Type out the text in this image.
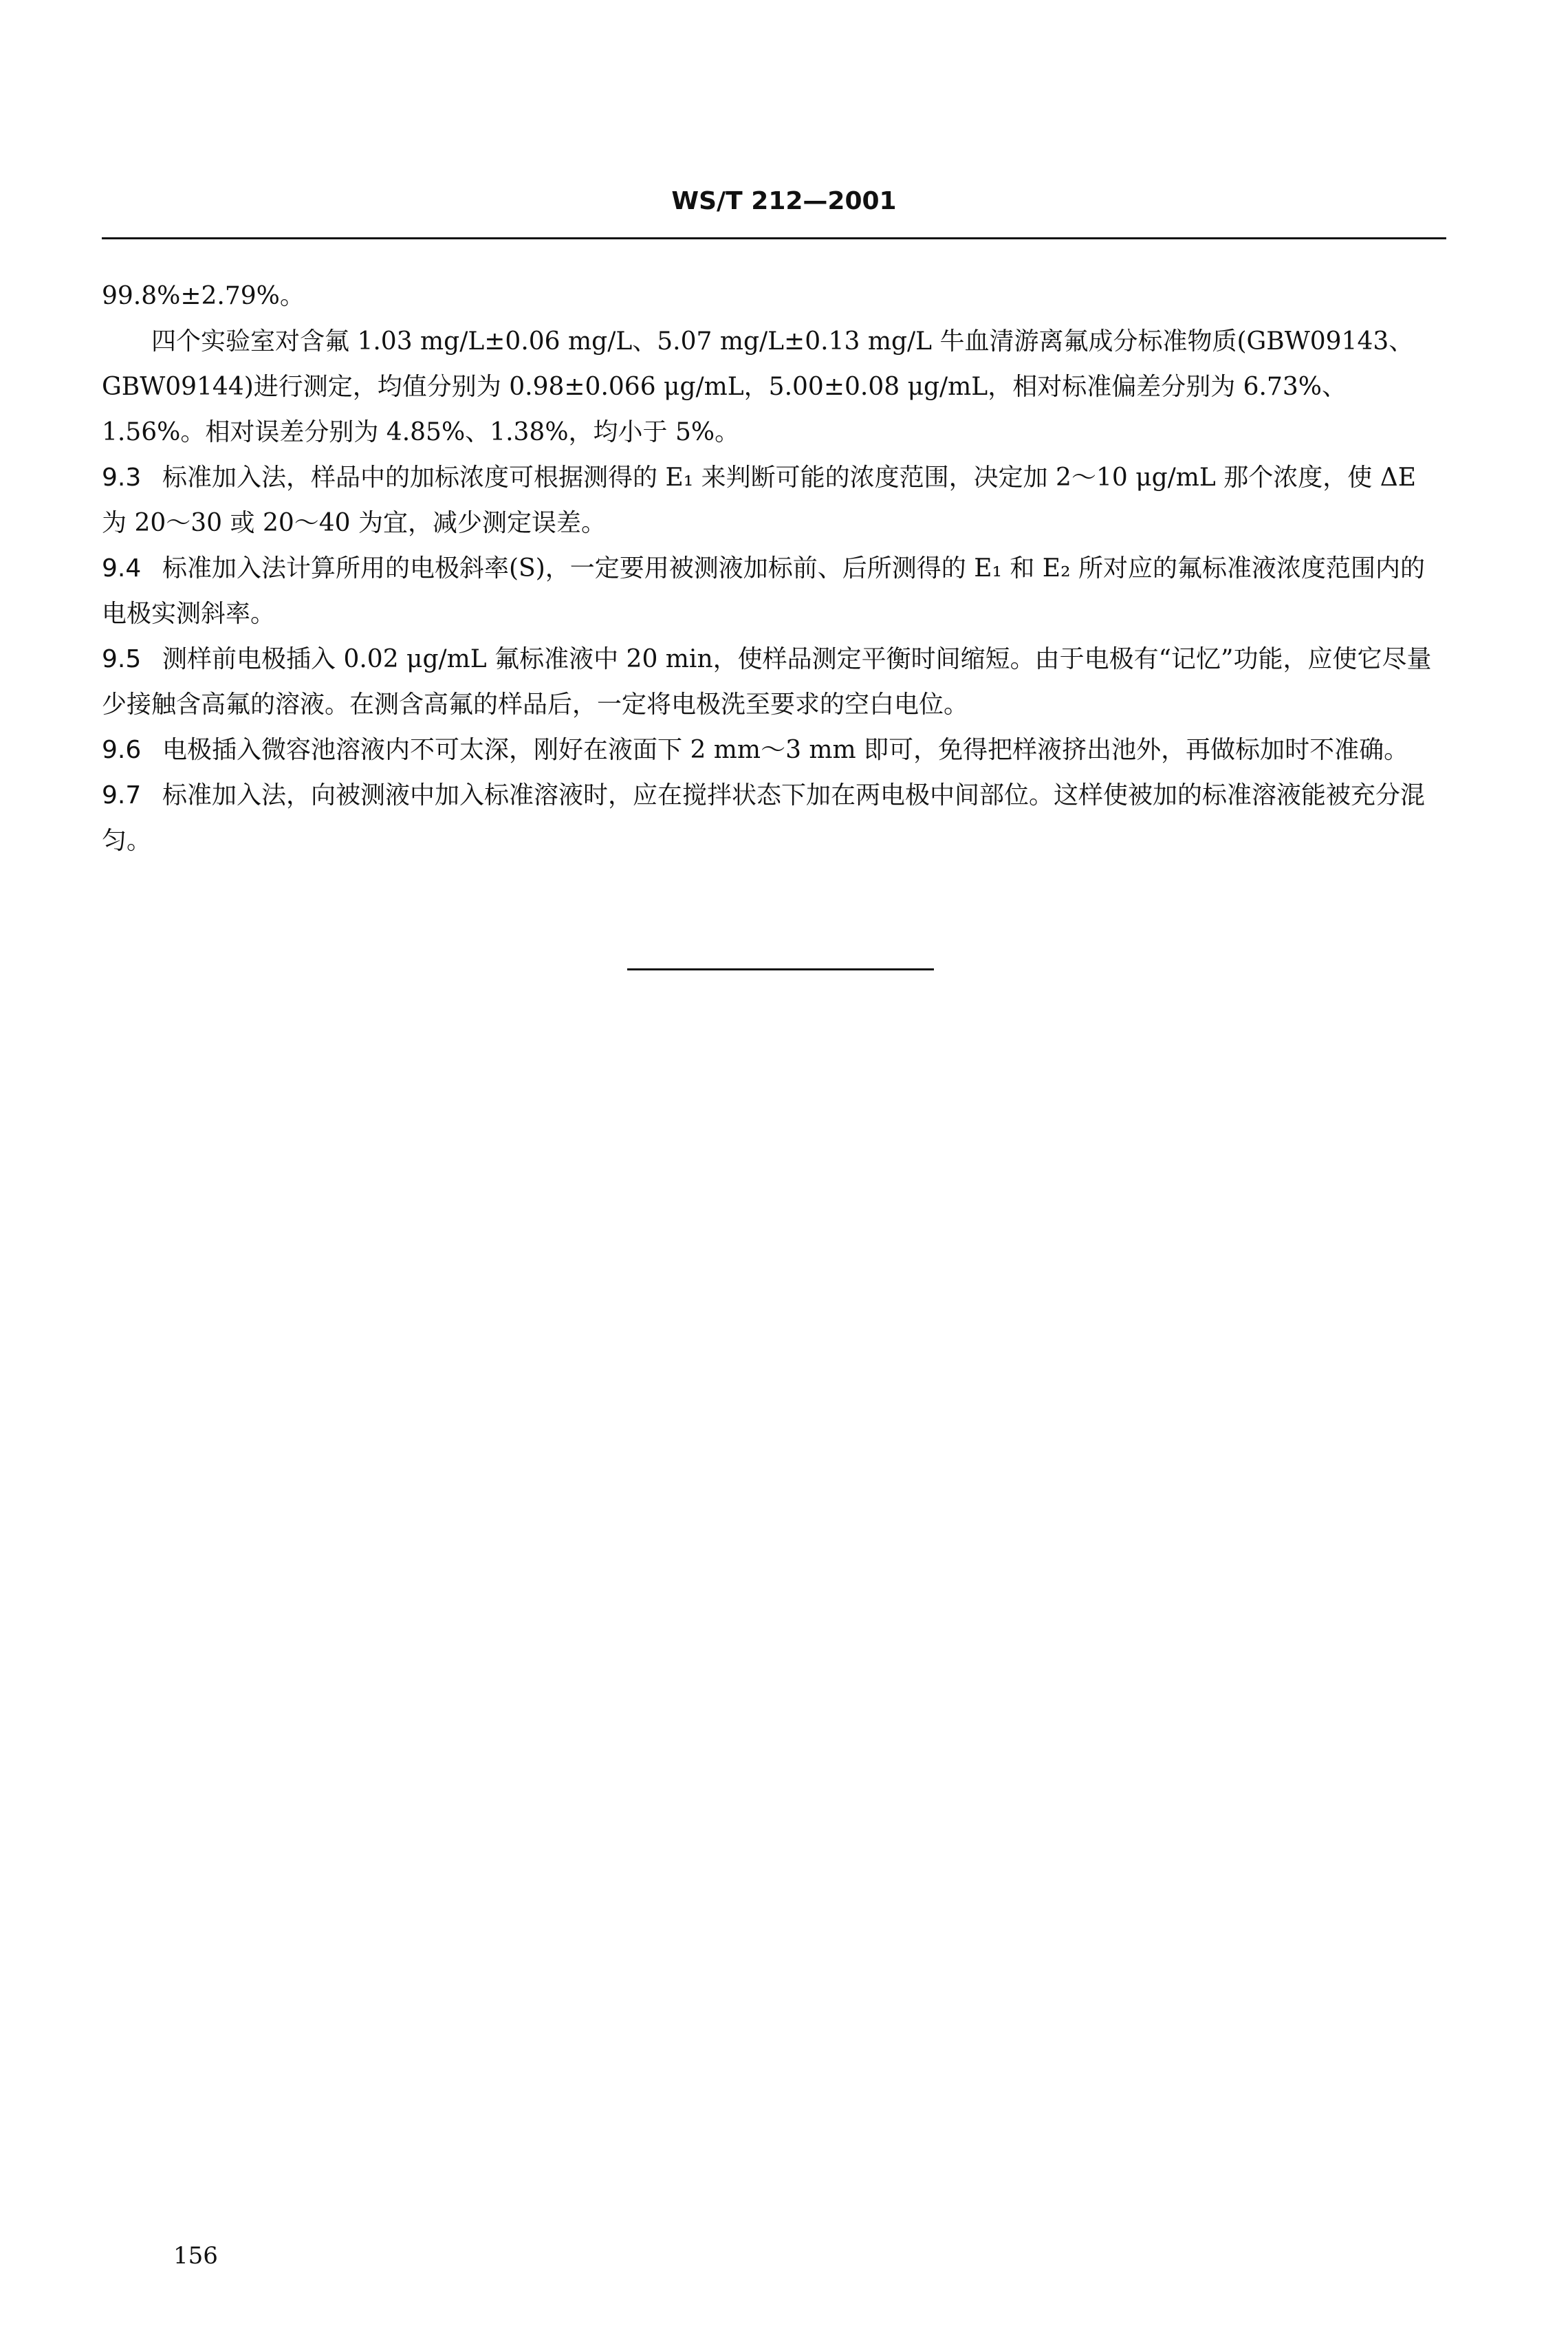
WS/T 212—2001

99.8%±2.79%。

四个实验室对含氟 1.03 mg/L±0.06 mg/L、5.07 mg/L±0.13 mg/L 牛血清游离氟成分标准物质(GBW09143、GBW09144)进行测定，均值分别为 0.98±0.066 μg/mL，5.00±0.08 μg/mL，相对标准偏差分别为 6.73%、1.56%。相对误差分别为 4.85%、1.38%，均小于 5%。

9.3 标准加入法，样品中的加标浓度可根据测得的 E₁ 来判断可能的浓度范围，决定加 2～10 μg/mL 那个浓度，使 ΔE 为 20～30 或 20～40 为宜，减少测定误差。

9.4 标准加入法计算所用的电极斜率(S)，一定要用被测液加标前、后所测得的 E₁ 和 E₂ 所对应的氟标准液浓度范围内的电极实测斜率。

9.5 测样前电极插入 0.02 μg/mL 氟标准液中 20 min，使样品测定平衡时间缩短。由于电极有“记忆”功能，应使它尽量少接触含高氟的溶液。在测含高氟的样品后，一定将电极洗至要求的空白电位。

9.6 电极插入微容池溶液内不可太深，刚好在液面下 2 mm～3 mm 即可，免得把样液挤出池外，再做标加时不准确。

9.7 标准加入法，向被测液中加入标准溶液时，应在搅拌状态下加在两电极中间部位。这样使被加的标准溶液能被充分混匀。

156
